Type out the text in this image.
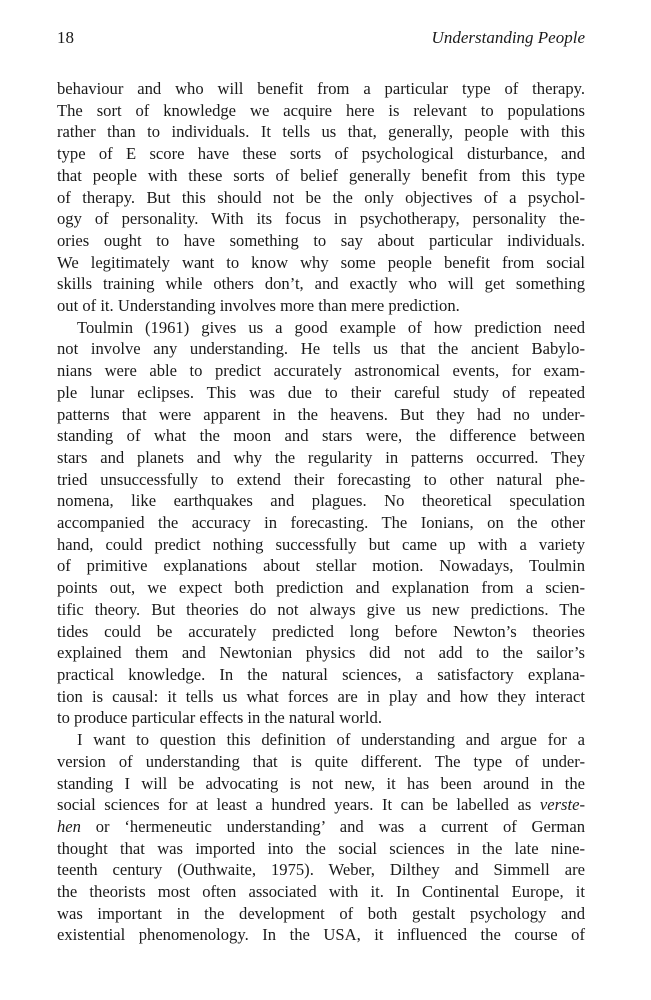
18	Understanding People

behaviour and who will benefit from a particular type of therapy.
The sort of knowledge we acquire here is relevant to populations
rather than to individuals. It tells us that, generally, people with this
type of E score have these sorts of psychological disturbance, and
that people with these sorts of belief generally benefit from this type
of therapy. But this should not be the only objectives of a psychol-
ogy of personality. With its focus in psychotherapy, personality the-
ories ought to have something to say about particular individuals.
We legitimately want to know why some people benefit from social
skills training while others don’t, and exactly who will get something
out of it. Understanding involves more than mere prediction.

Toulmin (1961) gives us a good example of how prediction need
not involve any understanding. He tells us that the ancient Babylo-
nians were able to predict accurately astronomical events, for exam-
ple lunar eclipses. This was due to their careful study of repeated
patterns that were apparent in the heavens. But they had no under-
standing of what the moon and stars were, the difference between
stars and planets and why the regularity in patterns occurred. They
tried unsuccessfully to extend their forecasting to other natural phe-
nomena, like earthquakes and plagues. No theoretical speculation
accompanied the accuracy in forecasting. The Ionians, on the other
hand, could predict nothing successfully but came up with a variety
of primitive explanations about stellar motion. Nowadays, Toulmin
points out, we expect both prediction and explanation from a scien-
tific theory. But theories do not always give us new predictions. The
tides could be accurately predicted long before Newton’s theories
explained them and Newtonian physics did not add to the sailor’s
practical knowledge. In the natural sciences, a satisfactory explana-
tion is causal: it tells us what forces are in play and how they interact
to produce particular effects in the natural world.

I want to question this definition of understanding and argue for a
version of understanding that is quite different. The type of under-
standing I will be advocating is not new, it has been around in the
social sciences for at least a hundred years. It can be labelled as verste-
hen or ‘hermeneutic understanding’ and was a current of German
thought that was imported into the social sciences in the late nine-
teenth century (Outhwaite, 1975). Weber, Dilthey and Simmell are
the theorists most often associated with it. In Continental Europe, it
was important in the development of both gestalt psychology and
existential phenomenology. In the USA, it influenced the course of
